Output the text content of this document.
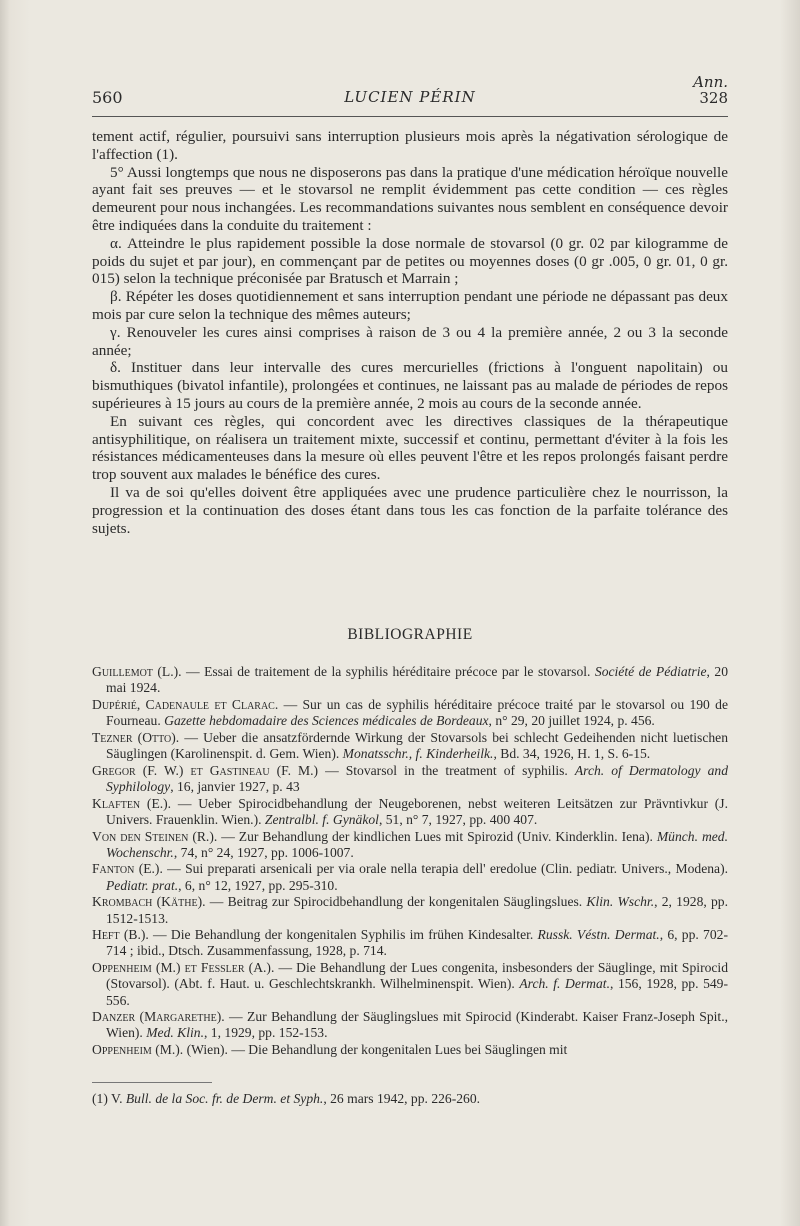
560	LUCIEN PÉRIN
Ann.
328

tement actif, régulier, poursuivi sans interruption plusieurs mois après la négativation sérologique de l'affection (1).

5° Aussi longtemps que nous ne disposerons pas dans la pratique d'une médication héroïque nouvelle ayant fait ses preuves — et le stovarsol ne remplit évidemment pas cette condition — ces règles demeurent pour nous inchangées. Les recommandations suivantes nous semblent en conséquence devoir être indiquées dans la conduite du traitement :

α. Atteindre le plus rapidement possible la dose normale de stovarsol (0 gr. 02 par kilogramme de poids du sujet et par jour), en commençant par de petites ou moyennes doses (0 gr .005, 0 gr. 01, 0 gr. 015) selon la technique préconisée par Bratusch et Marrain ;

β. Répéter les doses quotidiennement et sans interruption pendant une période ne dépassant pas deux mois par cure selon la technique des mêmes auteurs;

γ. Renouveler les cures ainsi comprises à raison de 3 ou 4 la première année, 2 ou 3 la seconde année;

δ. Instituer dans leur intervalle des cures mercurielles (frictions à l'onguent napolitain) ou bismuthiques (bivatol infantile), prolongées et continues, ne laissant pas au malade de périodes de repos supérieures à 15 jours au cours de la première année, 2 mois au cours de la seconde année.

En suivant ces règles, qui concordent avec les directives classiques de la thérapeutique antisyphilitique, on réalisera un traitement mixte, successif et continu, permettant d'éviter à la fois les résistances médicamenteuses dans la mesure où elles peuvent l'être et les repos prolongés faisant perdre trop souvent aux malades le bénéfice des cures.

Il va de soi qu'elles doivent être appliquées avec une prudence particulière chez le nourrisson, la progression et la continuation des doses étant dans tous les cas fonction de la parfaite tolérance des sujets.

BIBLIOGRAPHIE

Guillemot (L.). — Essai de traitement de la syphilis héréditaire précoce par le stovarsol. Société de Pédiatrie, 20 mai 1924.

Dupérié, Cadenaule et Clarac. — Sur un cas de syphilis héréditaire précoce traité par le stovarsol ou 190 de Fourneau. Gazette hebdomadaire des Sciences médicales de Bordeaux, n° 29, 20 juillet 1924, p. 456.

Tezner (Otto). — Ueber die ansatzfördernde Wirkung der Stovarsols bei schlecht Gedeihenden nicht luetischen Säuglingen (Karolinenspit. d. Gem. Wien). Monatsschr., f. Kinderheilk., Bd. 34, 1926, H. 1, S. 6-15.

Gregor (F. W.) et Gastineau (F. M.) — Stovarsol in the treatment of syphilis. Arch. of Dermatology and Syphilology, 16, janvier 1927, p. 43

Klaften (E.). — Ueber Spirocidbehandlung der Neugeborenen, nebst weiteren Leitsätzen zur Prävntivkur (J. Univers. Frauenklin. Wien.). Zentralbl. f. Gynäkol, 51, n° 7, 1927, pp. 400 407.

Von den Steinen (R.). — Zur Behandlung der kindlichen Lues mit Spirozid (Univ. Kinderklin. Iena). Münch. med. Wochenschr., 74, n° 24, 1927, pp. 1006-1007.

Fanton (E.). — Sui preparati arsenicali per via orale nella terapia dell' eredolue (Clin. pediatr. Univers., Modena). Pediatr. prat., 6, n° 12, 1927, pp. 295-310.

Krombach (Käthe). — Beitrag zur Spirocidbehandlung der kongenitalen Säuglingslues. Klin. Wschr., 2, 1928, pp. 1512-1513.

Heft (B.). — Die Behandlung der kongenitalen Syphilis im frühen Kindesalter. Russk. Véstn. Dermat., 6, pp. 702-714 ; ibid., Dtsch. Zusammenfassung, 1928, p. 714.

Oppenheim (M.) et Fessler (A.). — Die Behandlung der Lues congenita, insbesonders der Säuglinge, mit Spirocid (Stovarsol). (Abt. f. Haut. u. Geschlechtskrankh. Wilhelminenspit. Wien). Arch. f. Dermat., 156, 1928, pp. 549-556.

Danzer (Margarethe). — Zur Behandlung der Säuglingslues mit Spirocid (Kinderabt. Kaiser Franz-Joseph Spit., Wien). Med. Klin., 1, 1929, pp. 152-153.

Oppenheim (M.). (Wien). — Die Behandlung der kongenitalen Lues bei Säuglingen mit

(1) V. Bull. de la Soc. fr. de Derm. et Syph., 26 mars 1942, pp. 226-260.
